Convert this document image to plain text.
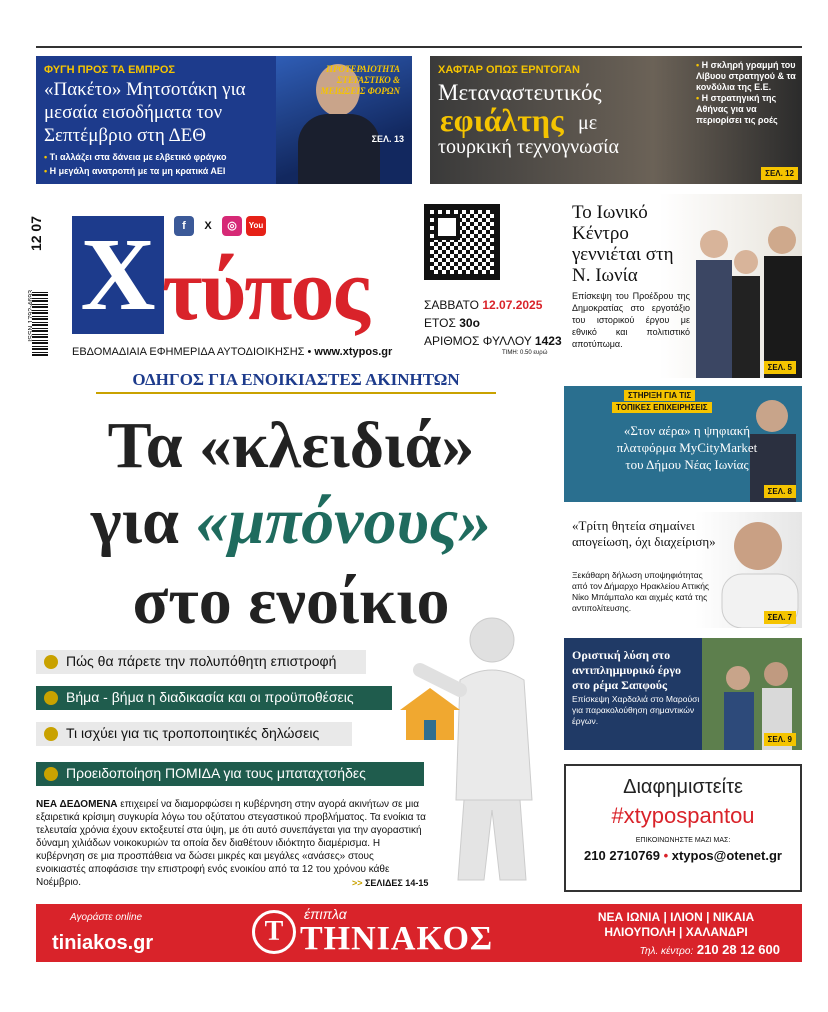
ΦΥΓΗ ΠΡΟΣ ΤΑ ΕΜΠΡΟΣ
«Πακέτο» Μητσοτάκη για μεσαία εισοδήματα τον Σεπτέμβριο στη ΔΕΘ
ΠΡΟΤΕΡΑΙΟΤΗΤΑ ΣΤΕΓΑΣΤΙΚΟ & ΜΕΙΩΣΕΙΣ ΦΟΡΩΝ
• Τι αλλάζει στα δάνεια με ελβετικό φράγκο
• Η μεγάλη ανατροπή με τα μη κρατικά ΑΕΙ
ΣΕΛ. 13
ΧΑΦΤΑΡ ΟΠΩΣ ΕΡΝΤΟΓΑΝ
Μεταναστευτικός
εφιάλτης με
τουρκική τεχνογνωσία

• Η σκληρή γραμμή του Λίβυου στρατηγού & τα κονδύλια της Ε.Ε.

• Η στρατηγική της Αθήνας για να περιορίσει τις ροές

ΣΕΛ. 12
12 07 Χ τύπος
f	X	◎	You
ΕΒΔΟΜΑΔΙΑΙΑ ΕΦΗΜΕΡΙΔΑ ΑΥΤΟΔΙΟΙΚΗΣΗΣ • www.xtypos.gr
ΣΑΒΒΑΤΟ 12.07.2025
ΕΤΟΣ 30ο
ΑΡΙΘΜΟΣ ΦΥΛΛΟΥ 1423
ΤΙΜΗ: 0.50 ευρώ
ΟΔΗΓΟΣ ΓΙΑ ΕΝΟΙΚΙΑΣΤΕΣ ΑΚΙΝΗΤΩΝ
Τα «κλειδιά»
για «μπόνους»
στο ενοίκιο
Πώς θα πάρετε την πολυπόθητη επιστροφή
Βήμα - βήμα η διαδικασία και οι προϋποθέσεις
Τι ισχύει για τις τροποποιητικές δηλώσεις
Προειδοποίηση ΠΟΜΙΔΑ για τους μπαταχτσήδες
ΝΕΑ ΔΕΔΟΜΕΝΑ επιχειρεί να διαμορφώσει η κυβέρνηση στην αγορά ακινήτων σε μια εξαιρετικά κρίσιμη συγκυρία λόγω του οξύτατου στεγαστικού προβλήματος. Τα ενοίκια τα τελευταία χρόνια έχουν εκτοξευτεί στα ύψη, με ότι αυτό συνεπάγεται για την αγοραστική δύναμη χιλιάδων νοικοκυριών τα οποία δεν διαθέτουν ιδιόκτητο διαμέρισμα. Η κυβέρνηση σε μια προσπάθεια να δώσει μικρές και μεγάλες «ανάσες» στους ενοικιαστές αποφάσισε την επιστροφή ενός ενοικίου από τα 12 του χρόνου κάθε Νοέμβριο.	>> ΣΕΛΙΔΕΣ 14-15
Το Ιωνικό Κέντρο γεννιέται στη Ν. Ιωνία
Επίσκεψη του Προέδρου της Δημοκρατίας στο εργοτάξιο του ιστορικού έργου με εθνικό και πολιτιστικό αποτύπωμα.
ΣΕΛ. 5
ΣΤΗΡΙΞΗ ΓΙΑ ΤΙΣ
ΤΟΠΙΚΕΣ ΕΠΙΧΕΙΡΗΣΕΙΣ
«Στον αέρα» η ψηφιακή πλατφόρμα MyCityMarket του Δήμου Νέας Ιωνίας
ΣΕΛ. 8
«Τρίτη θητεία σημαίνει απογείωση, όχι διαχείριση»
Ξεκάθαρη δήλωση υποψηφιότητας από τον Δήμαρχο Ηρακλείου Αττικής Νίκο Μπάμπαλο και αιχμές κατά της αντιπολίτευσης.
ΣΕΛ. 7
Οριστική λύση στο αντιπλημμυρικό έργο στο ρέμα Σαπφούς
Επίσκεψη Χαρδαλιά στο Μαρούσι για παρακολούθηση σημαντικών έργων.
ΣΕΛ. 9
Διαφημιστείτε
#xtypospantou
ΕΠΙΚΟΙΝΩΝΗΣΤΕ ΜΑΖΙ ΜΑΣ:
210 2710769 • xtypos@otenet.gr
Αγοράστε online
tiniakos.gr	Τ
έπιπλα
ΤΗΝΙΑΚΟΣ
ΝΕΑ ΙΩΝΙΑ | ΙΛΙΟΝ | ΝΙΚΑΙΑ
ΗΛΙΟΥΠΟΛΗ | ΧΑΛΑΝΔΡΙ
Τηλ. κέντρο: 210 28 12 600
